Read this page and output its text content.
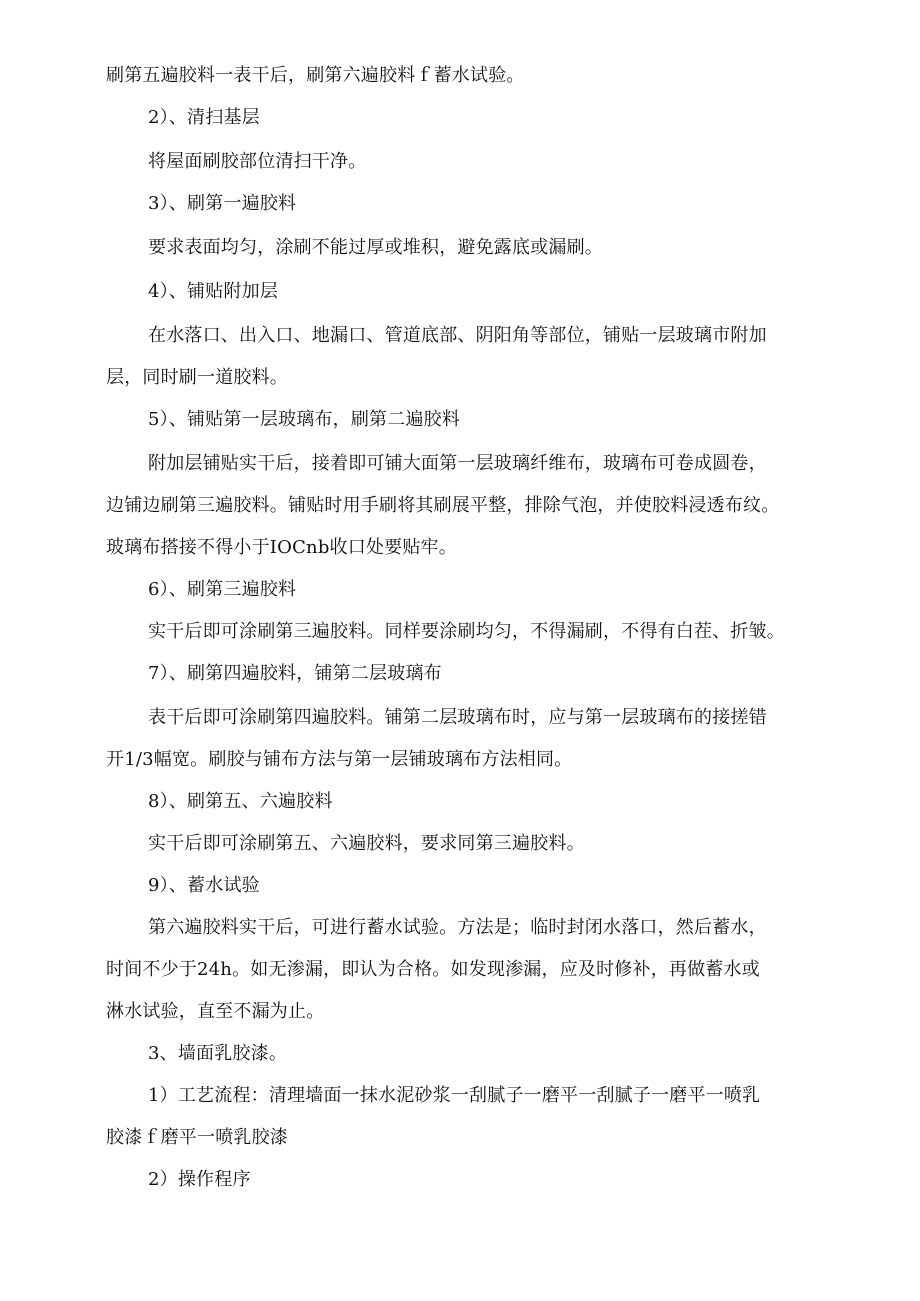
刷第五遍胶料一表干后，刷第六遍胶料ｆ蓄水试验。
2）、清扫基层
将屋面刷胶部位清扫干净。
3）、刷第一遍胶料
要求表面均匀，涂刷不能过厚或堆积，避免露底或漏刷。
4）、铺贴附加层
在水落口、出入口、地漏口、管道底部、阴阳角等部位，铺贴一层玻璃市附加
层，同时刷一道胶料。
5）、铺贴第一层玻璃布，刷第二遍胶料
附加层铺贴实干后，接着即可铺大面第一层玻璃纤维布，玻璃布可卷成圆卷，
边铺边刷第三遍胶料。铺贴时用手刷将其刷展平整，排除气泡，并使胶料浸透布纹。
玻璃布搭接不得小于IOCnb收口处要贴牢。
6）、刷第三遍胶料
实干后即可涂刷第三遍胶料。同样要涂刷均匀，不得漏刷，不得有白茬、折皱。
7）、刷第四遍胶料，铺第二层玻璃布
表干后即可涂刷第四遍胶料。铺第二层玻璃布时，应与第一层玻璃布的接搓错
开1/3幅宽。刷胶与铺布方法与第一层铺玻璃布方法相同。
8）、刷第五、六遍胶料
实干后即可涂刷第五、六遍胶料，要求同第三遍胶料。
9）、蓄水试验
第六遍胶料实干后，可进行蓄水试验。方法是；临时封闭水落口，然后蓄水，
时间不少于24h。如无渗漏，即认为合格。如发现渗漏，应及时修补，再做蓄水或
淋水试验，直至不漏为止。
3、墙面乳胶漆。
1）工艺流程：清理墙面一抹水泥砂浆一刮腻子一磨平一刮腻子一磨平一喷乳
胶漆ｆ磨平一喷乳胶漆
2）操作程序
